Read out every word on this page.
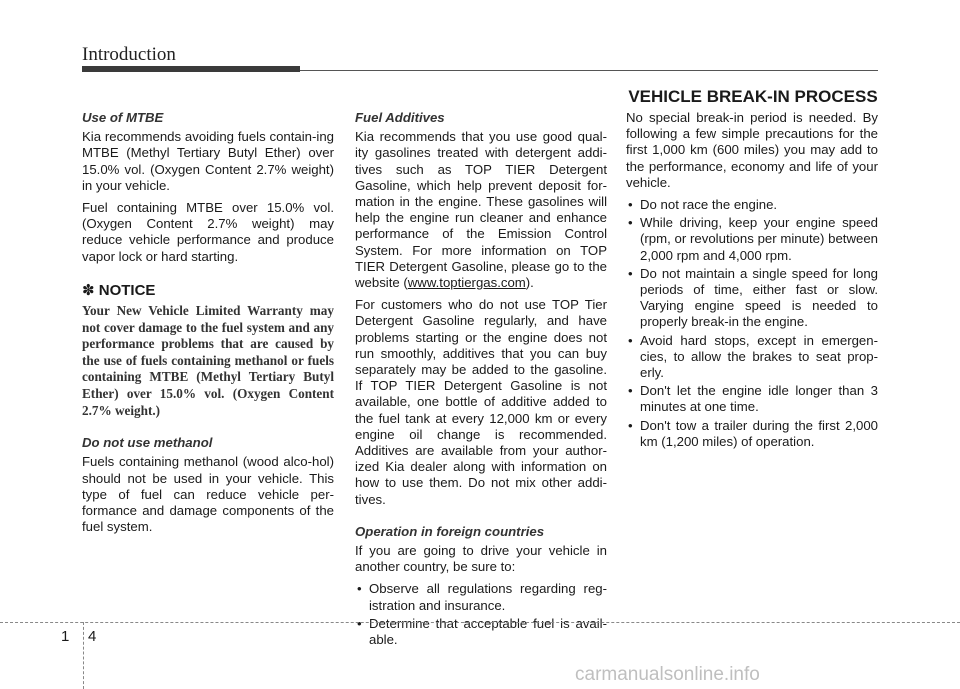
Introduction
VEHICLE BREAK-IN PROCESS
Use of MTBE

Kia recommends avoiding fuels contain-ing MTBE (Methyl Tertiary Butyl Ether) over 15.0% vol. (Oxygen Content 2.7% weight) in your vehicle.

Fuel containing MTBE over 15.0% vol. (Oxygen Content 2.7% weight) may reduce vehicle performance and produce vapor lock or hard starting.

✽ NOTICE

Your New Vehicle Limited Warranty may not cover damage to the fuel system and any performance problems that are caused by the use of fuels containing methanol or fuels containing MTBE (Methyl Tertiary Butyl Ether) over 15.0% vol. (Oxygen Content 2.7% weight.)

Do not use methanol

Fuels containing methanol (wood alco-hol) should not be used in your vehicle. This type of fuel can reduce vehicle per-formance and damage components of the fuel system.

Fuel Additives

Kia recommends that you use good qual-ity gasolines treated with detergent addi-tives such as TOP TIER Detergent Gasoline, which help prevent deposit for-mation in the engine. These gasolines will help the engine run cleaner and enhance performance of the Emission Control System. For more information on TOP TIER Detergent Gasoline, please go to the website (www.toptiergas.com).

For customers who do not use TOP Tier Detergent Gasoline regularly, and have problems starting or the engine does not run smoothly, additives that you can buy separately may be added to the gasoline. If TOP TIER Detergent Gasoline is not available, one bottle of additive added to the fuel tank at every 12,000 km or every engine oil change is recommended. Additives are available from your author-ized Kia dealer along with information on how to use them. Do not mix other addi-tives.

Operation in foreign countries

If you are going to drive your vehicle in another country, be sure to:

• Observe all regulations regarding reg-istration and insurance.
• Determine that acceptable fuel is avail-able.

No special break-in period is needed. By following a few simple precautions for the first 1,000 km (600 miles) you may add to the performance, economy and life of your vehicle.

• Do not race the engine.
• While driving, keep your engine speed (rpm, or revolutions per minute) between 2,000 rpm and 4,000 rpm.
• Do not maintain a single speed for long periods of time, either fast or slow. Varying engine speed is needed to properly break-in the engine.
• Avoid hard stops, except in emergen-cies, to allow the brakes to seat prop-erly.
• Don't let the engine idle longer than 3 minutes at one time.
• Don't tow a trailer during the first 2,000 km (1,200 miles) of operation.
1 4
carmanualsonline.info
